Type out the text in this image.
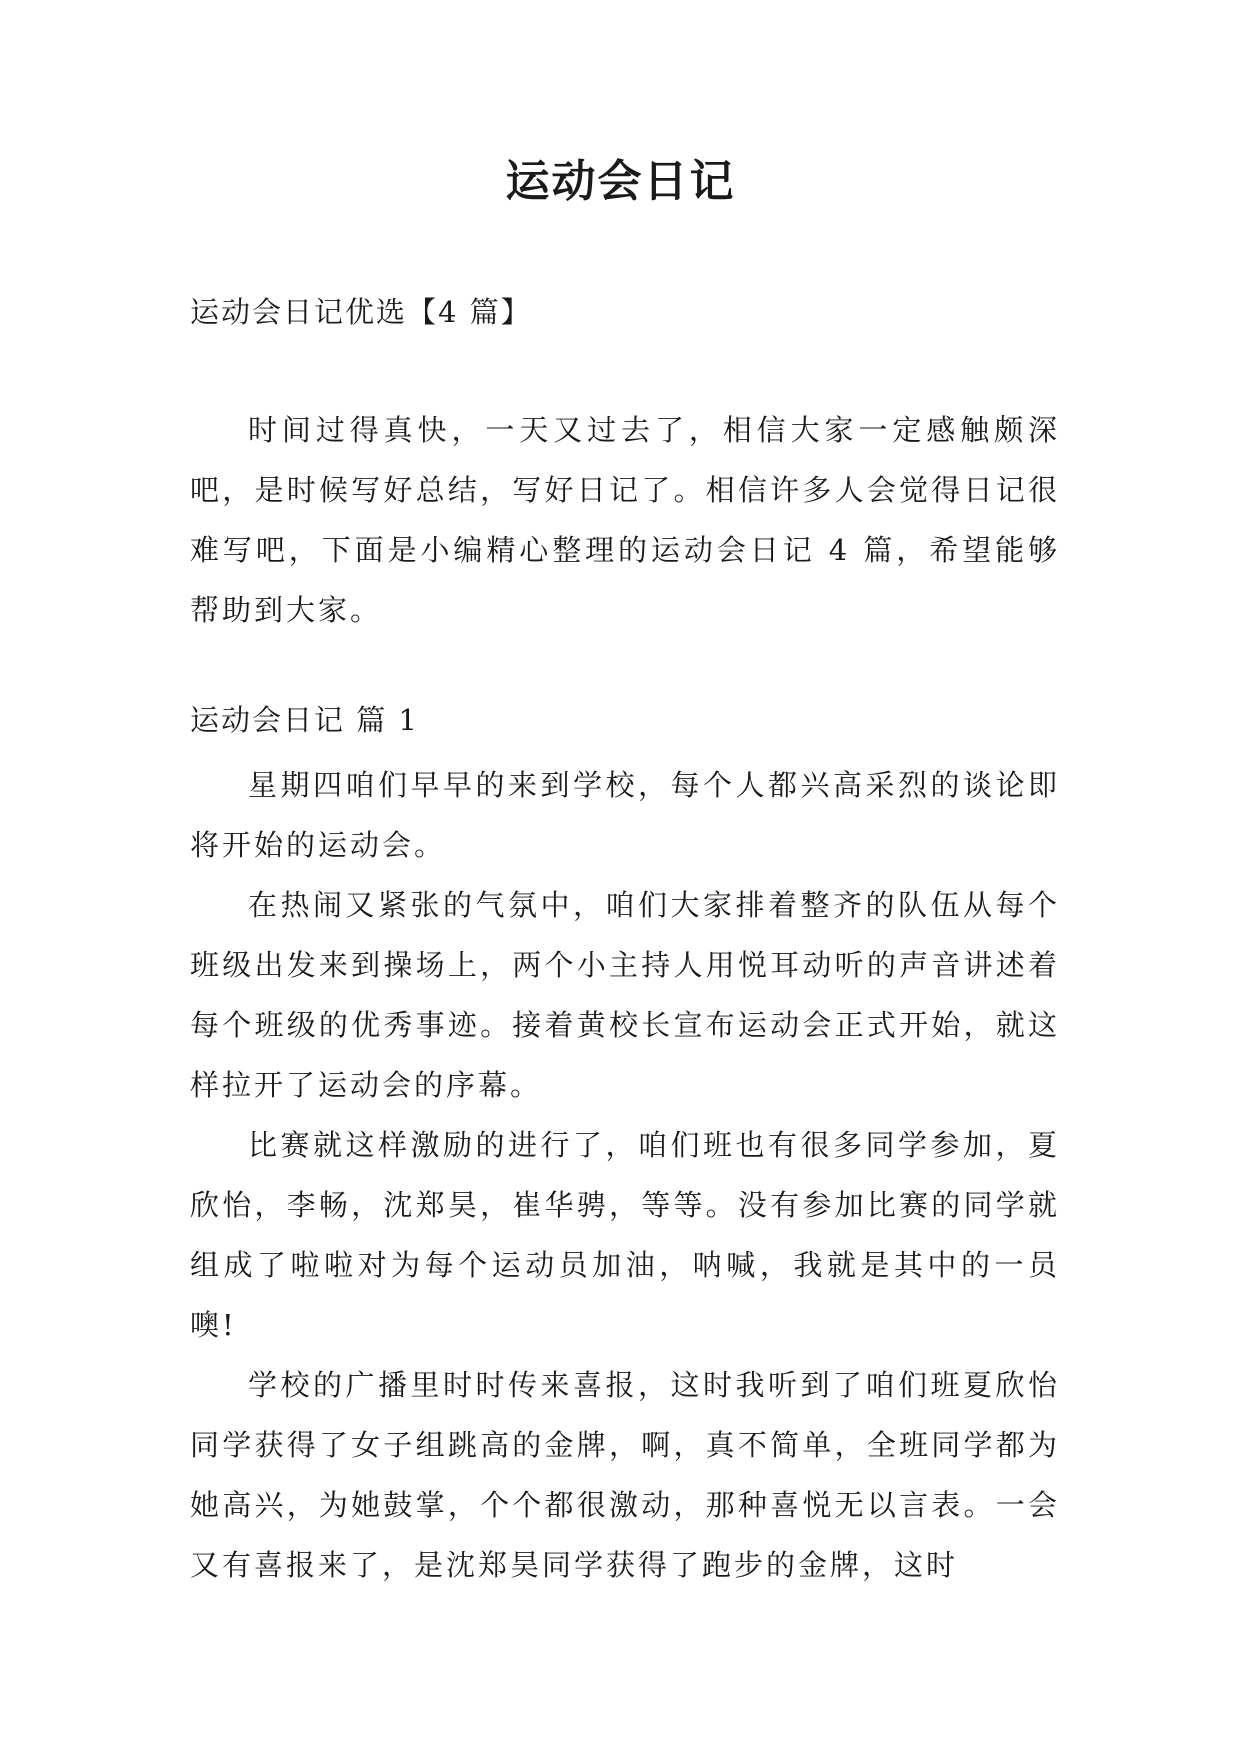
运动会日记
运动会日记优选【4 篇】

时间过得真快，一天又过去了，相信大家一定感触颇深吧，是时候写好总结，写好日记了。相信许多人会觉得日记很难写吧，下面是小编精心整理的运动会日记 4 篇，希望能够帮助到大家。

运动会日记 篇 1

星期四咱们早早的来到学校，每个人都兴高采烈的谈论即将开始的运动会。

在热闹又紧张的气氛中，咱们大家排着整齐的队伍从每个班级出发来到操场上，两个小主持人用悦耳动听的声音讲述着每个班级的优秀事迹。接着黄校长宣布运动会正式开始，就这样拉开了运动会的序幕。

比赛就这样激励的进行了，咱们班也有很多同学参加，夏欣怡，李畅，沈郑昊，崔华骋，等等。没有参加比赛的同学就组成了啦啦对为每个运动员加油，呐喊，我就是其中的一员噢!

学校的广播里时时传来喜报，这时我听到了咱们班夏欣怡同学获得了女子组跳高的金牌，啊，真不简单，全班同学都为她高兴，为她鼓掌，个个都很激动，那种喜悦无以言表。一会又有喜报来了，是沈郑昊同学获得了跑步的金牌，这时
